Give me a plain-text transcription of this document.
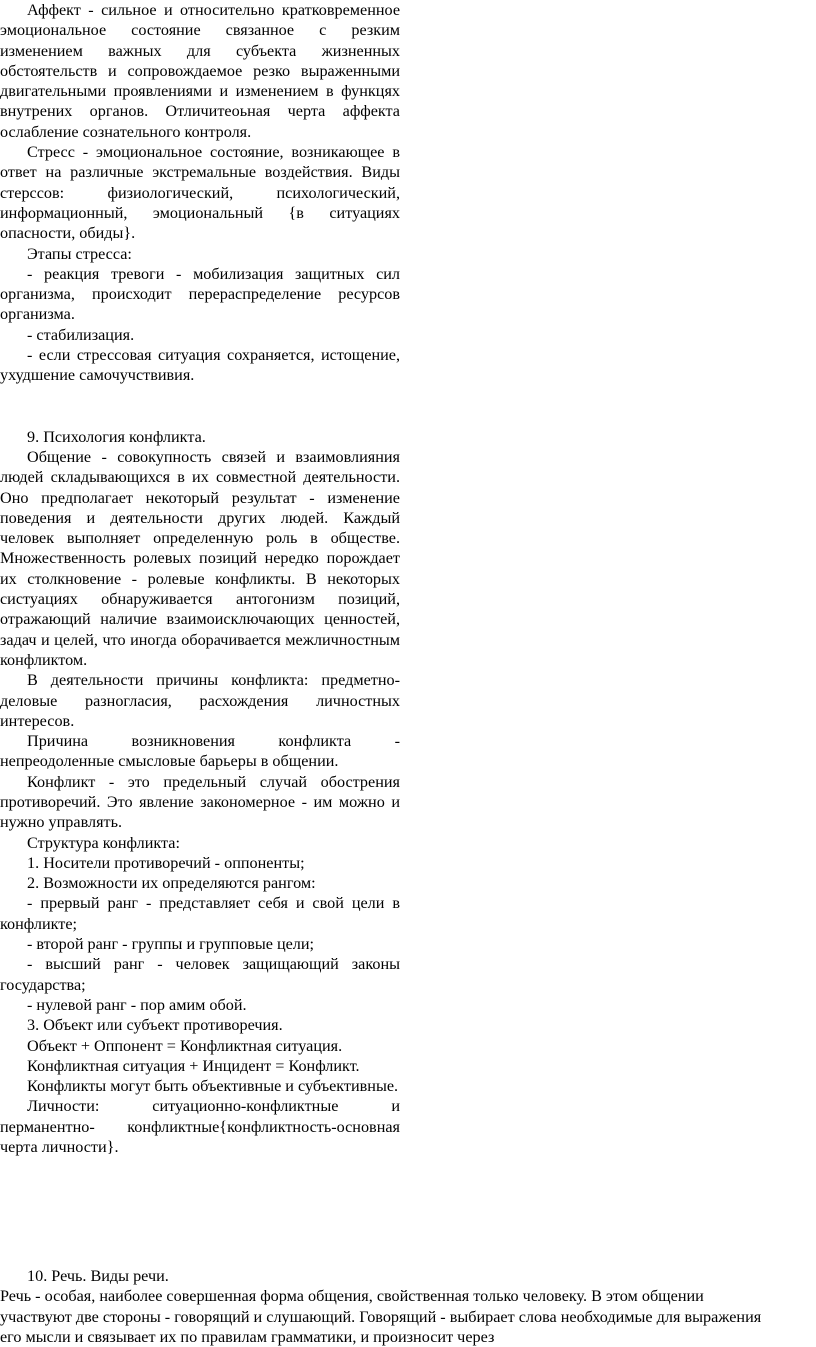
Аффект - сильное и относительно кратковременное эмоциональное состояние связанное с резким изменением важных для субъекта жизненных обстоятельств и сопровождаемое резко выраженными двигательными проявлениями и изменением в функцях внутрених органов. Отличитеоьная черта аффекта ослабление сознательного контроля.

Стресс - эмоциональное состояние, возникающее в ответ на различные экстремальные воздействия. Виды стерссов: физиологический, психологический, информационный, эмоциональный {в ситуациях опасности, обиды}.

Этапы стресса:

- реакция тревоги - мобилизация защитных сил организма, происходит перераспределение ресурсов организма.

- стабилизация.

- если стрессовая ситуация сохраняется, истощение, ухудшение самочучствивия.

9. Психология конфликта.

Общение - совокупность связей и взаимовлияния людей складывающихся в их совместной деятельности. Оно предполагает некоторый результат - изменение поведения и деятельности других людей. Каждый человек выполняет определенную роль в обществе. Множественность ролевых позиций нередко порождает их столкновение - ролевые конфликты. В некоторых систуациях обнаруживается антогонизм позиций, отражающий наличие взаимоисключающих ценностей, задач и целей, что иногда оборачивается межличностным конфликтом.

В деятельности причины конфликта: предметно-деловые разногласия, расхождения личностных интересов.

Причина возникновения конфликта - непреодоленные смысловые барьеры в общении.

Конфликт - это предельный случай обострения противоречий. Это явление закономерное - им можно и нужно управлять.

Структура конфликта:

1. Носители противоречий - оппоненты;

2. Возможности их определяются рангом:

- прервый ранг - представляет себя и свой цели в конфликте;

- второй ранг - группы и групповые цели;

- высший ранг - человек защищающий законы государства;

- нулевой ранг - пор амим обой.

3. Объект или субъект противоречия.

Объект + Оппонент = Конфликтная ситуация.

Конфликтная ситуация + Инцидент = Конфликт.

Конфликты могут быть объективные и субъективные.

Личности: ситуационно-конфликтные и перманентно- конфликтные{конфликтность-основная черта личности}.

10. Речь. Виды речи.

Речь - особая, наиболее совершенная форма общения, свойственная только человеку. В этом общении участвуют две стороны - говорящий и слушающий. Говорящий - выбирает слова необходимые для выражения его мысли и связывает их по правилам грамматики, и произносит через
